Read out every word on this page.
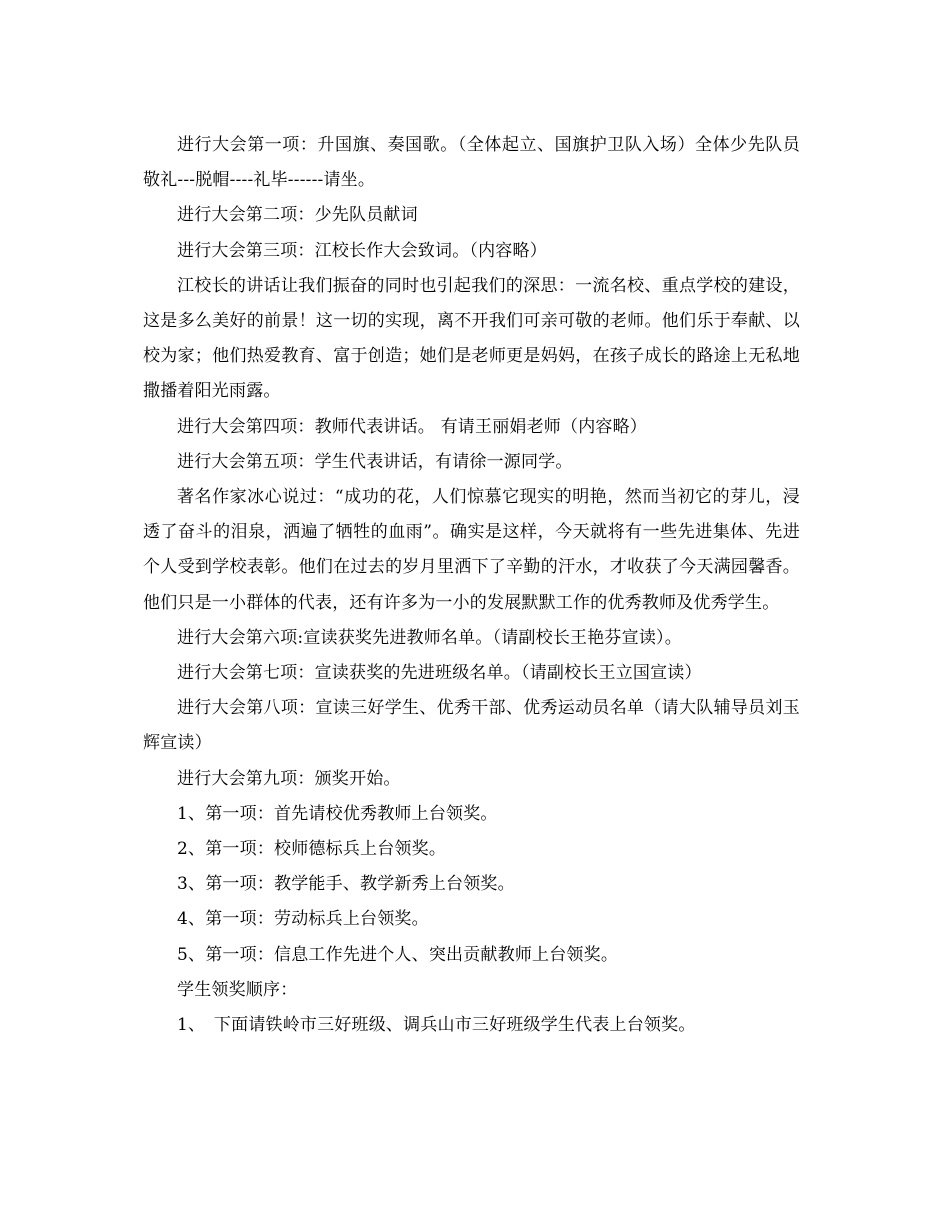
进行大会第一项：升国旗、奏国歌。（全体起立、国旗护卫队入场）全体少先队员敬礼---脱帽----礼毕------请坐。

进行大会第二项：少先队员献词

进行大会第三项：江校长作大会致词。（内容略）

江校长的讲话让我们振奋的同时也引起我们的深思：一流名校、重点学校的建设，这是多么美好的前景！这一切的实现，离不开我们可亲可敬的老师。他们乐于奉献、以校为家；他们热爱教育、富于创造；她们是老师更是妈妈，在孩子成长的路途上无私地撒播着阳光雨露。

进行大会第四项：教师代表讲话。 有请王丽娟老师（内容略）

进行大会第五项：学生代表讲话，有请徐一源同学。

著名作家冰心说过：“成功的花，人们惊慕它现实的明艳，然而当初它的芽儿，浸透了奋斗的泪泉，洒遍了牺牲的血雨”。确实是这样，今天就将有一些先进集体、先进个人受到学校表彰。他们在过去的岁月里洒下了辛勤的汗水，才收获了今天满园馨香。他们只是一小群体的代表，还有许多为一小的发展默默工作的优秀教师及优秀学生。

进行大会第六项:宣读获奖先进教师名单。（请副校长王艳芬宣读）。

进行大会第七项：宣读获奖的先进班级名单。（请副校长王立国宣读）

进行大会第八项：宣读三好学生、优秀干部、优秀运动员名单（请大队辅导员刘玉辉宣读）

进行大会第九项：颁奖开始。

1、第一项：首先请校优秀教师上台领奖。

2、第一项：校师德标兵上台领奖。

3、第一项：教学能手、教学新秀上台领奖。

4、第一项：劳动标兵上台领奖。

5、第一项：信息工作先进个人、突出贡献教师上台领奖。

学生领奖顺序：

1、　下面请铁岭市三好班级、调兵山市三好班级学生代表上台领奖。
